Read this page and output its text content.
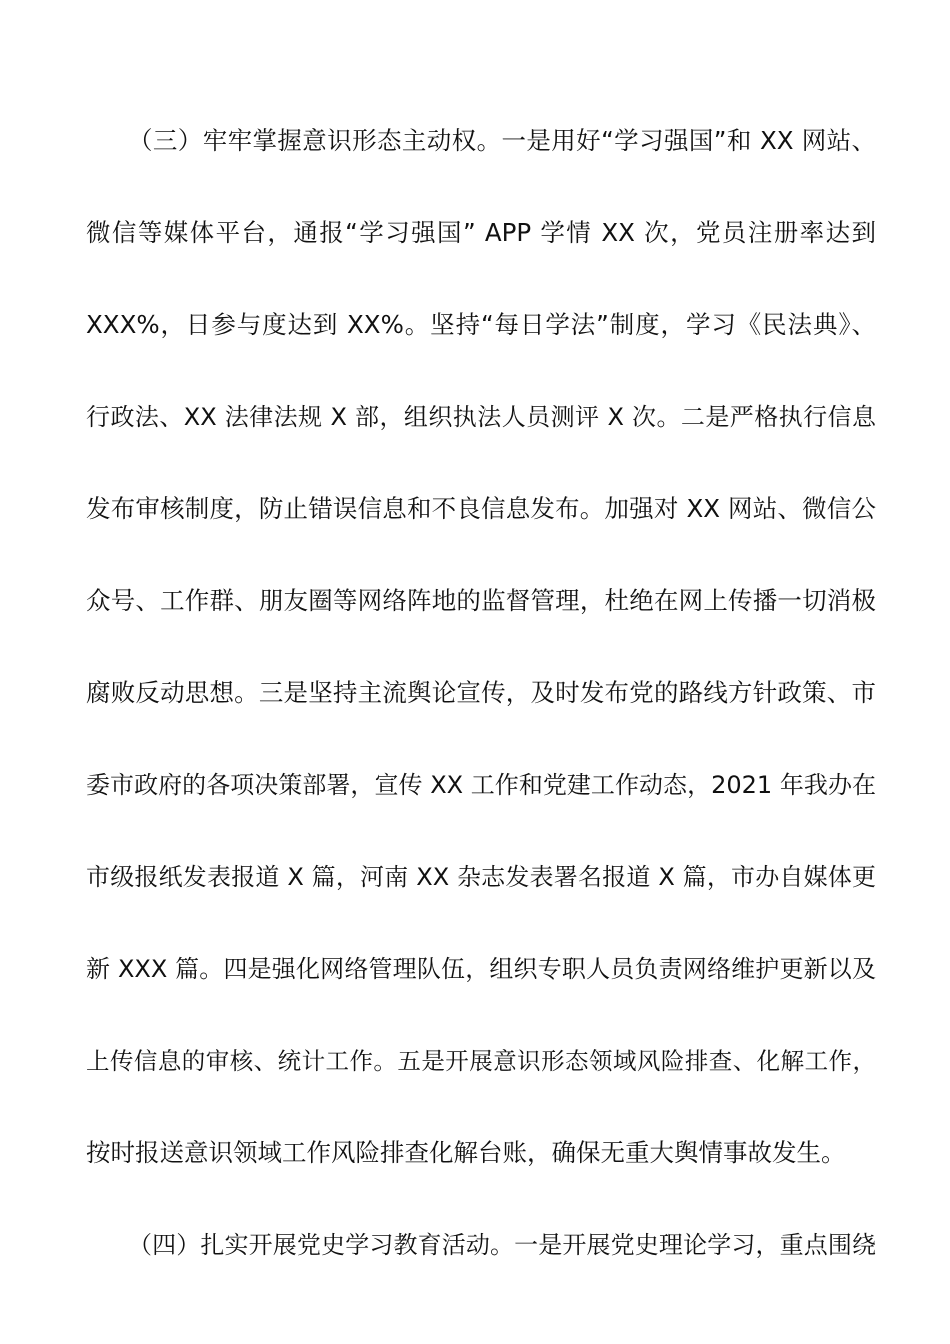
（三）牢牢掌握意识形态主动权。一是用好“学习强国”和 XX 网站、
微信等媒体平台，通报“学习强国” APP 学情 XX 次，党员注册率达到
XXX%，日参与度达到 XX%。坚持“每日学法”制度，学习《民法典》、
行政法、XX 法律法规 X 部，组织执法人员测评 X 次。二是严格执行信息
发布审核制度，防止错误信息和不良信息发布。加强对 XX 网站、微信公
众号、工作群、朋友圈等网络阵地的监督管理，杜绝在网上传播一切消极
腐败反动思想。三是坚持主流舆论宣传，及时发布党的路线方针政策、市
委市政府的各项决策部署，宣传 XX 工作和党建工作动态，2021 年我办在
市级报纸发表报道 X 篇，河南 XX 杂志发表署名报道 X 篇，市办自媒体更
新 XXX 篇。四是强化网络管理队伍，组织专职人员负责网络维护更新以及
上传信息的审核、统计工作。五是开展意识形态领域风险排查、化解工作，
按时报送意识领域工作风险排查化解台账，确保无重大舆情事故发生。
（四）扎实开展党史学习教育活动。一是开展党史理论学习，重点围绕
